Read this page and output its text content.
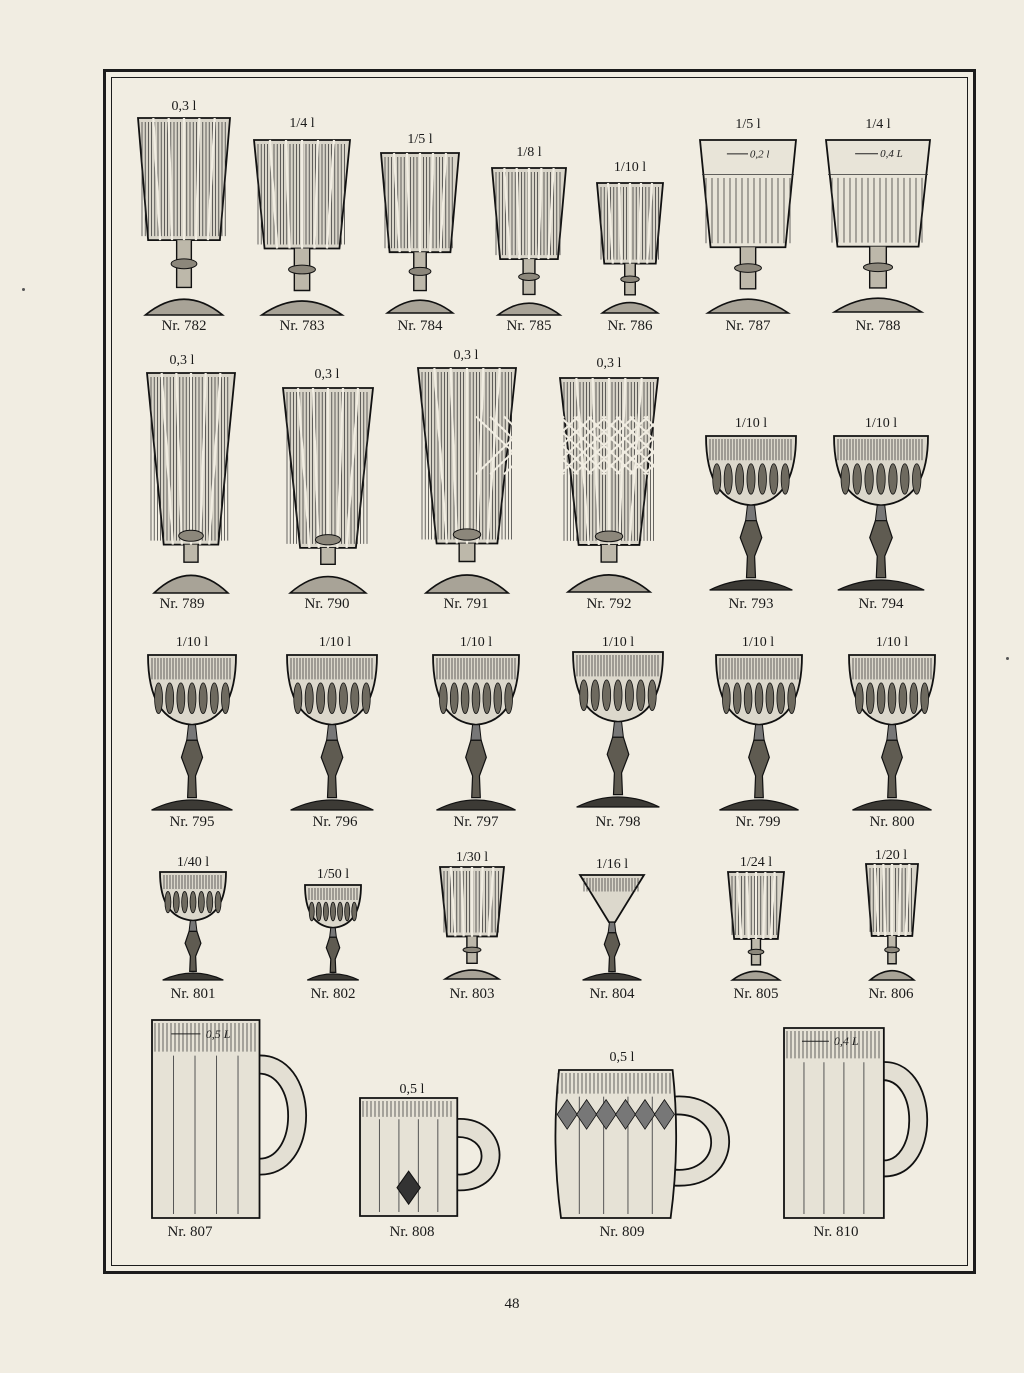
0,3 l
Nr. 782
1/4 l
Nr. 783
1/5 l
Nr. 784
1/8 l
Nr. 785
1/10 l
Nr. 786
0,2 l
1/5 l
Nr. 787
0,4 L
1/4 l
Nr. 788
0,3 l
Nr. 789
0,3 l
Nr. 790
0,3 l
Nr. 791
0,3 l
Nr. 792
1/10 l
Nr. 793
1/10 l
Nr. 794
1/10 l
Nr. 795
1/10 l
Nr. 796
1/10 l
Nr. 797
1/10 l
Nr. 798
1/10 l
Nr. 799
1/10 l
Nr. 800
1/40 l
Nr. 801
1/50 l
Nr. 802
1/30 l
Nr. 803
1/16 l
Nr. 804
1/24 l
Nr. 805
1/20 l
Nr. 806
0,5 L
Nr. 807
0,5 l
Nr. 808
0,5 l
Nr. 809
0,4 L
Nr. 810
48
